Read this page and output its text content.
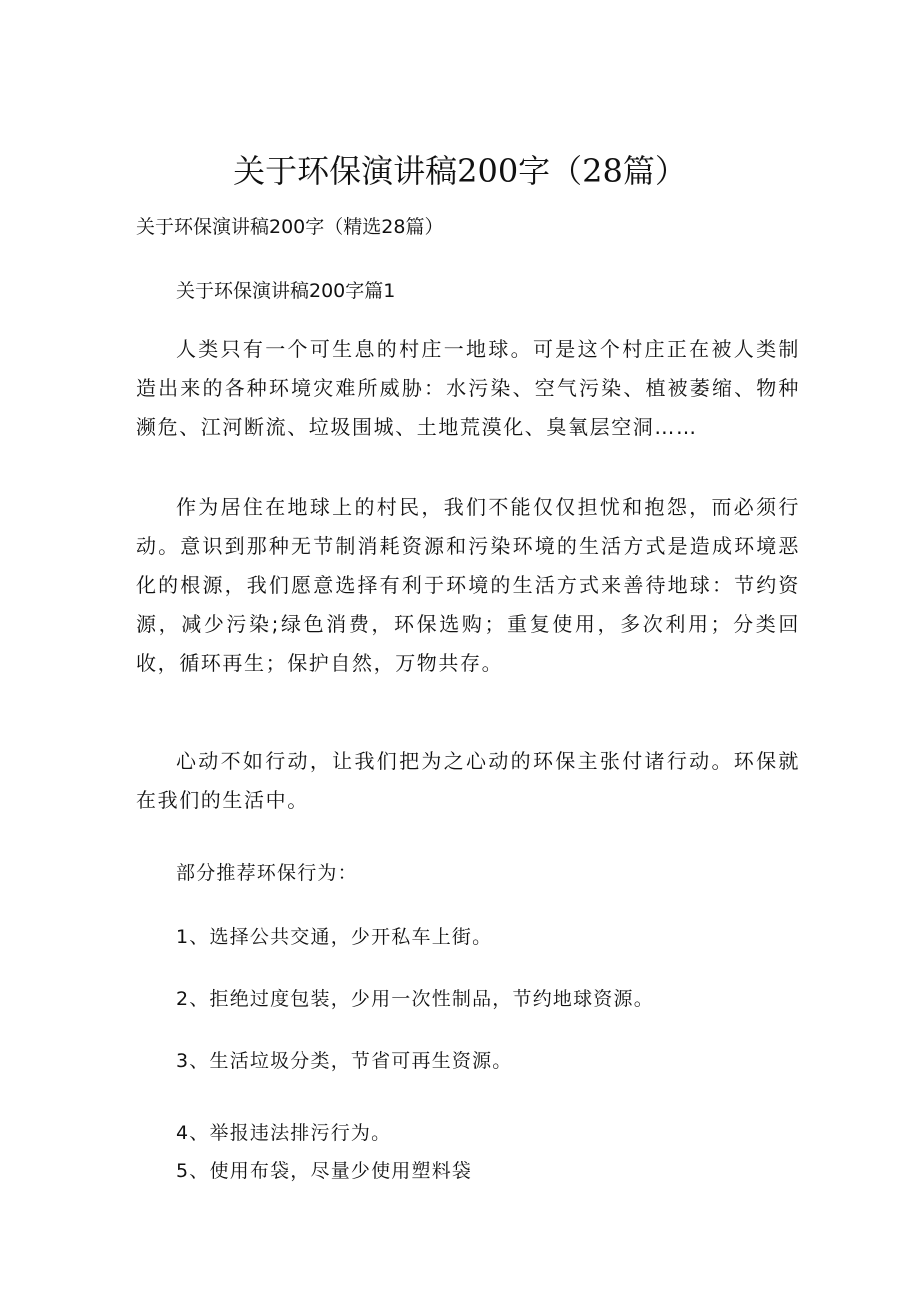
关于环保演讲稿200字（28篇）
关于环保演讲稿200字（精选28篇）
关于环保演讲稿200字篇1

人类只有一个可生息的村庄一地球。可是这个村庄正在被人类制造出来的各种环境灾难所威胁：水污染、空气污染、植被萎缩、物种濒危、江河断流、垃圾围城、土地荒漠化、臭氧层空洞……

作为居住在地球上的村民，我们不能仅仅担忧和抱怨，而必须行动。意识到那种无节制消耗资源和污染环境的生活方式是造成环境恶化的根源，我们愿意选择有利于环境的生活方式来善待地球：节约资源，减少污染;绿色消费，环保选购；重复使用，多次利用；分类回收，循环再生；保护自然，万物共存。

心动不如行动，让我们把为之心动的环保主张付诸行动。环保就在我们的生活中。

部分推荐环保行为：
1、选择公共交通，少开私车上街。
2、拒绝过度包装，少用一次性制品，节约地球资源。
3、生活垃圾分类，节省可再生资源。
4、举报违法排污行为。
5、使用布袋，尽量少使用塑料袋
